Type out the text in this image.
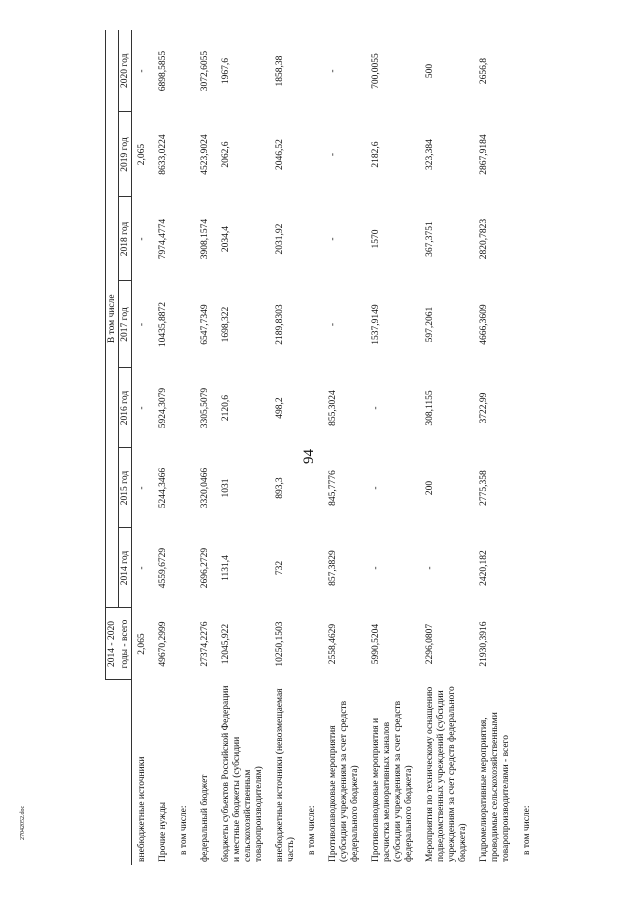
94
27042052.doc
	2014 - 2020	В том числе						
	годы - всего	2014 год	2015 год	2016 год	2017 год	2018 год	2019 год	2020 год
внебюджетные источники	2,065	-	-	-	-	-	2,065	-
Прочие нужды	49670,2999	4559,6729	5244,3466	5924,3079	10435,8872	7974,4774	8633,0224	6898,5855
в том числе:								
федеральный бюджет	27374,2276	2696,2729	3320,0466	3305,5079	6547,7349	3908,1574	4523,9024	3072,6055
бюджеты субъектов Российской Федерации и местные бюджеты (субсидии сельскохозяйственным товаропроизводителям)	12045,922	1131,4	1031	2120,6	1698,322	2034,4	2062,6	1967,6
внебюджетные источники (невозмещаемая часть)	10250,1503	732	893,3	498,2	2189,8303	2031,92	2046,52	1858,38
в том числе:								
Противопаводковые мероприятия (субсидии учреждениям за счет средств федерального бюджета)	2558,4629	857,3829	845,7776	855,3024	-	-	-	-
Противопаводковые мероприятия и расчистка мелиоративных каналов (субсидии учреждениям за счет средств федерального бюджета)	5990,5204	-	-	-	1537,9149	1570	2182,6	700,0055
Мероприятия по техническому оснащению подведомственных учреждений (субсидии учреждениям за счет средств федерального бюджета)	2296,0807	-	200	308,1155	597,2061	367,3751	323,384	500
Гидромелиоративные мероприятия, проводимые сельскохозяйственными товаропроизводителями - всего	21930,3916	2420,182	2775,358	3722,99	4666,3609	2820,7823	2867,9184	2656,8
в том числе:								
